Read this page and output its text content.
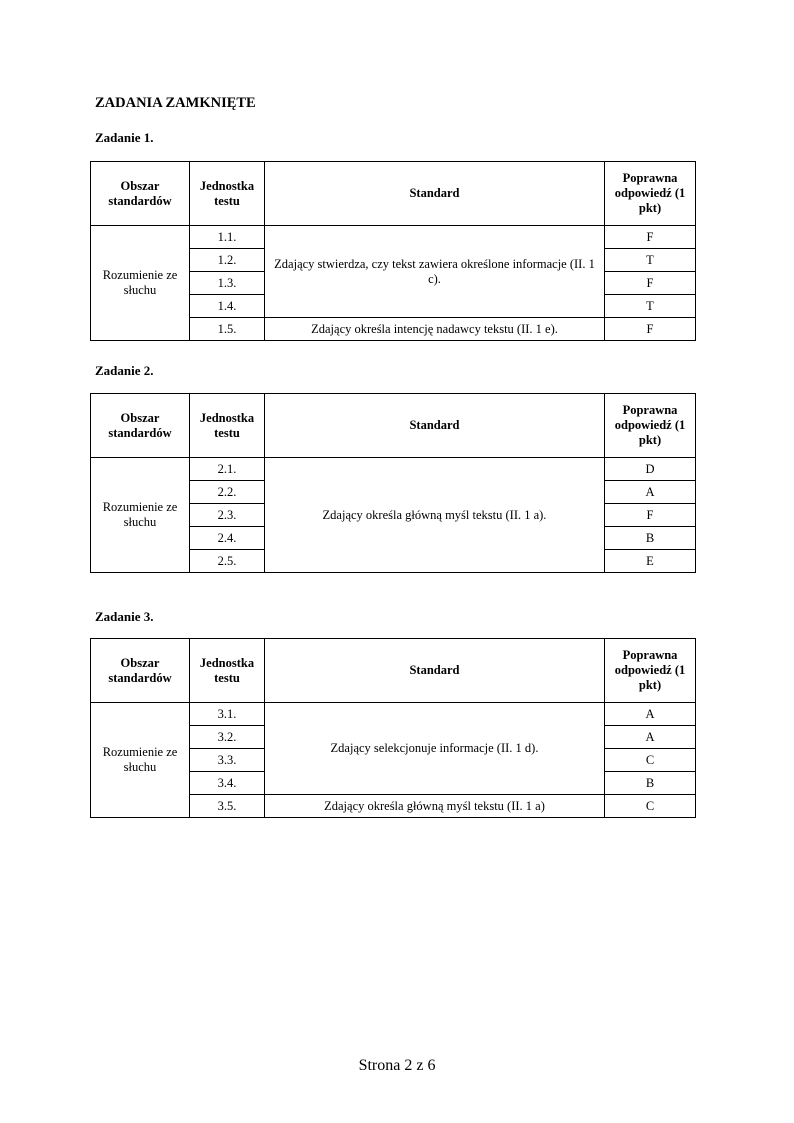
ZADANIA ZAMKNIĘTE

Zadanie 1.

Obszar standardów	Jednostka testu	Standard	Poprawna odpowiedź (1 pkt)
Rozumienie ze słuchu	1.1.	Zdający stwierdza, czy tekst zawiera określone informacje (II. 1 c).	F
	1.2.		T
	1.3.		F
	1.4.		T
	1.5.	Zdający określa intencję nadawcy tekstu (II. 1 e).	F

Zadanie 2.

Obszar standardów	Jednostka testu	Standard	Poprawna odpowiedź (1 pkt)
Rozumienie ze słuchu	2.1.	Zdający określa główną myśl tekstu (II. 1 a).	D
	2.2.		A
	2.3.		F
	2.4.		B
	2.5.		E

Zadanie 3.

Obszar standardów	Jednostka testu	Standard	Poprawna odpowiedź (1 pkt)
Rozumienie ze słuchu	3.1.	Zdający selekcjonuje informacje (II. 1 d).	A
	3.2.		A
	3.3.		C
	3.4.		B
	3.5.	Zdający określa główną myśl tekstu (II. 1 a)	C

Strona 2 z 6
